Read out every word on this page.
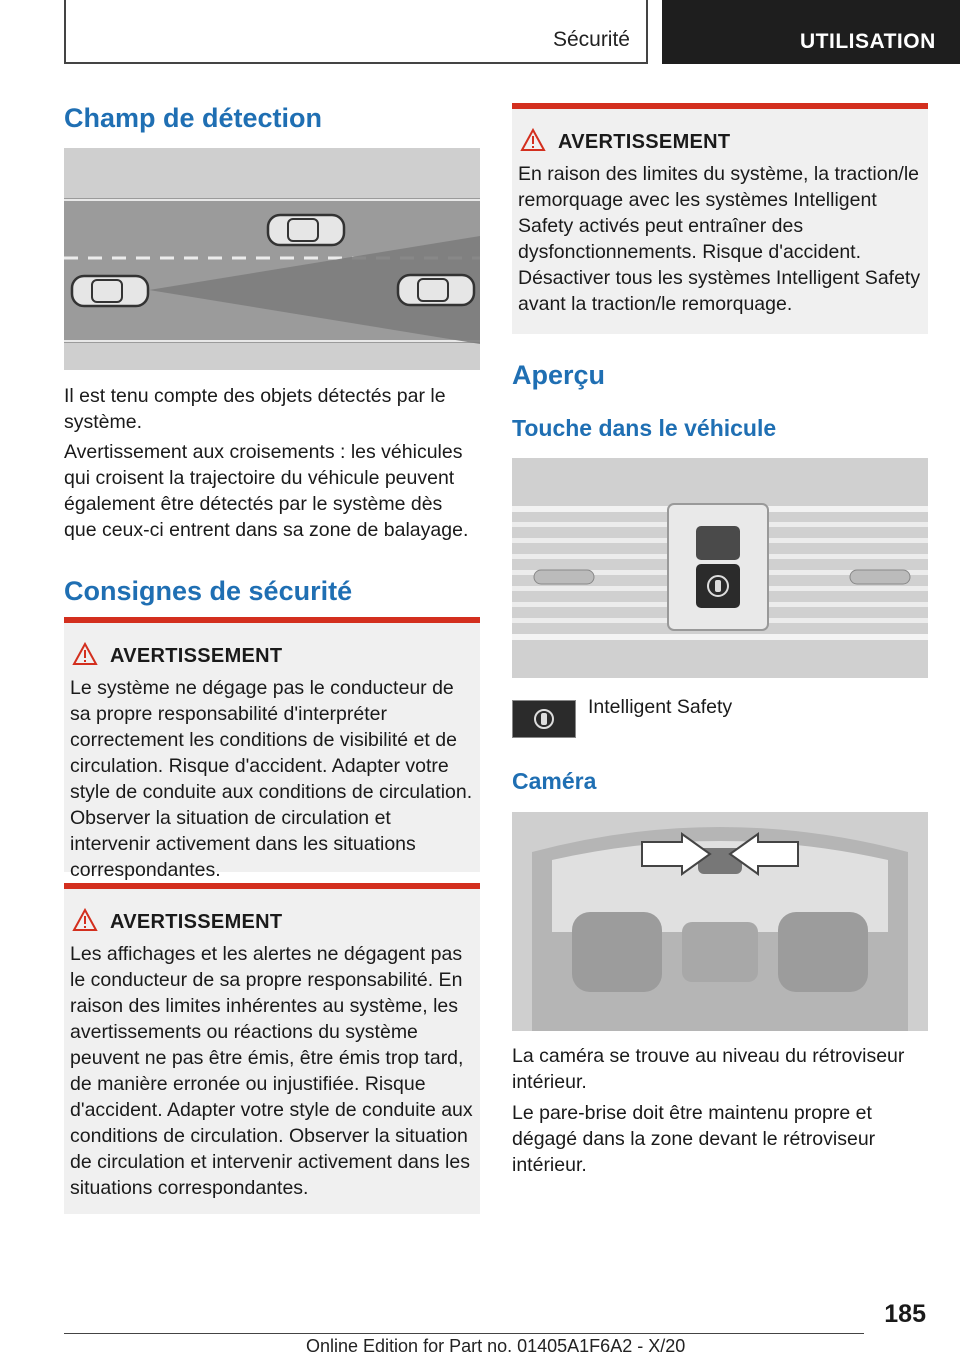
Sécurité	UTILISATION
Champ de détection

Il est tenu compte des objets détectés par le système.

Avertissement aux croisements : les véhicules qui croisent la trajectoire du véhicule peuvent également être détectés par le système dès que ceux-ci entrent dans sa zone de balayage.

Consignes de sécurité
AVERTISSEMENT

Le système ne dégage pas le conducteur de sa propre responsabilité d'interpréter correctement les conditions de visibilité et de circulation. Risque d'accident. Adapter votre style de conduite aux conditions de circulation. Observer la situation de circulation et intervenir activement dans les situations correspondantes.

AVERTISSEMENT

Les affichages et les alertes ne dégagent pas le conducteur de sa propre responsabilité. En raison des limites inhérentes au système, les avertissements ou réactions du système peuvent ne pas être émis, être émis trop tard, de manière erronée ou injustifiée. Risque d'accident. Adapter votre style de conduite aux conditions de circulation. Observer la situation de circulation et intervenir activement dans les situations correspondantes.

AVERTISSEMENT

En raison des limites du système, la traction/le remorquage avec les systèmes Intelligent Safety activés peut entraîner des dysfonctionnements. Risque d'accident. Désactiver tous les systèmes Intelligent Safety avant la traction/le remorquage.

Aperçu
Touche dans le véhicule
Intelligent Safety
Caméra

La caméra se trouve au niveau du rétroviseur intérieur.

Le pare-brise doit être maintenu propre et dégagé dans la zone devant le rétroviseur intérieur.

185
Online Edition for Part no. 01405A1F6A2 - X/20
